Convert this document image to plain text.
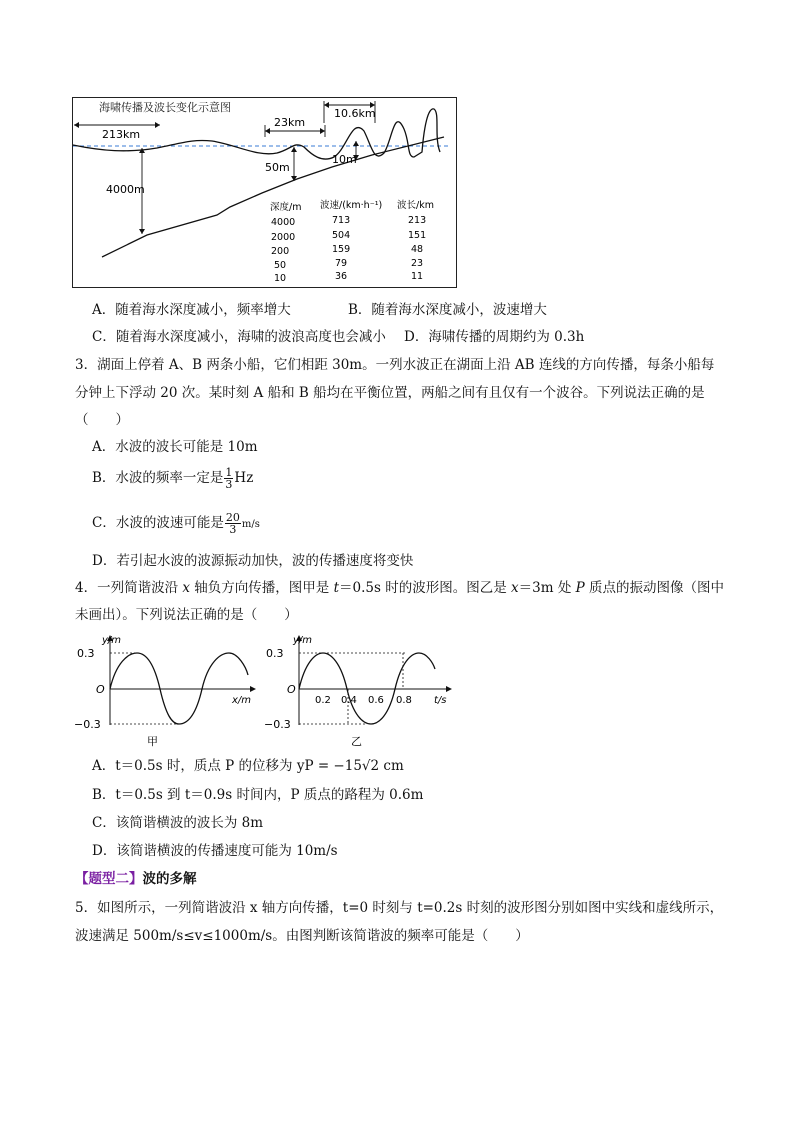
海啸传播及波长变化示意图
213km
23km
10.6km
4000m
50m
10m
深度/m 波速/(km·h⁻¹) 波长/km
4000	713	213
2000	504	151
200	159	48
50	79	23
10	36	11
A．随着海水深度减小，频率增大	B．随着海水深度减小，波速增大
C．随着海水深度减小，海啸的波浪高度也会减小 D．海啸传播的周期约为 0.3h
3．湖面上停着 A、B 两条小船，它们相距 30m。一列水波正在湖面上沿 AB 连线的方向传播，每条小船每
分钟上下浮动 20 次。某时刻 A 船和 B 船均在平衡位置，两船之间有且仅有一个波谷。下列说法正确的是
（　　）
A．水波的波长可能是 10m
B．水波的频率一定是 $\frac{1}{3}$ Hz
C．水波的波速可能是 $\frac{20}{3} m/s$
D．若引起水波的波源振动加快，波的传播速度将变快
4．一列简谐波沿 x 轴负方向传播，图甲是 t＝0.5s 时的波形图。图乙是 x＝3m 处 P 质点的振动图像（图中
未画出）。下列说法正确的是（　　）
y/m
x/m
0.3
−0.3
O
甲
y/m
t/s
0.3
−0.3
O
0.2 0.4 0.6 0.8
乙
A．t＝0.5s 时，质点 P 的位移为 yP = −15√2 cm
B．t＝0.5s 到 t＝0.9s 时间内，P 质点的路程为 0.6m
C．该简谐横波的波长为 8m
D．该简谐横波的传播速度可能为 10m/s
【题型二】波的多解
5．如图所示，一列简谐波沿 x 轴方向传播，t=0 时刻与 t=0.2s 时刻的波形图分别如图中实线和虚线所示，
波速满足 500m/s≤v≤1000m/s。由图判断该简谐波的频率可能是（　　）
